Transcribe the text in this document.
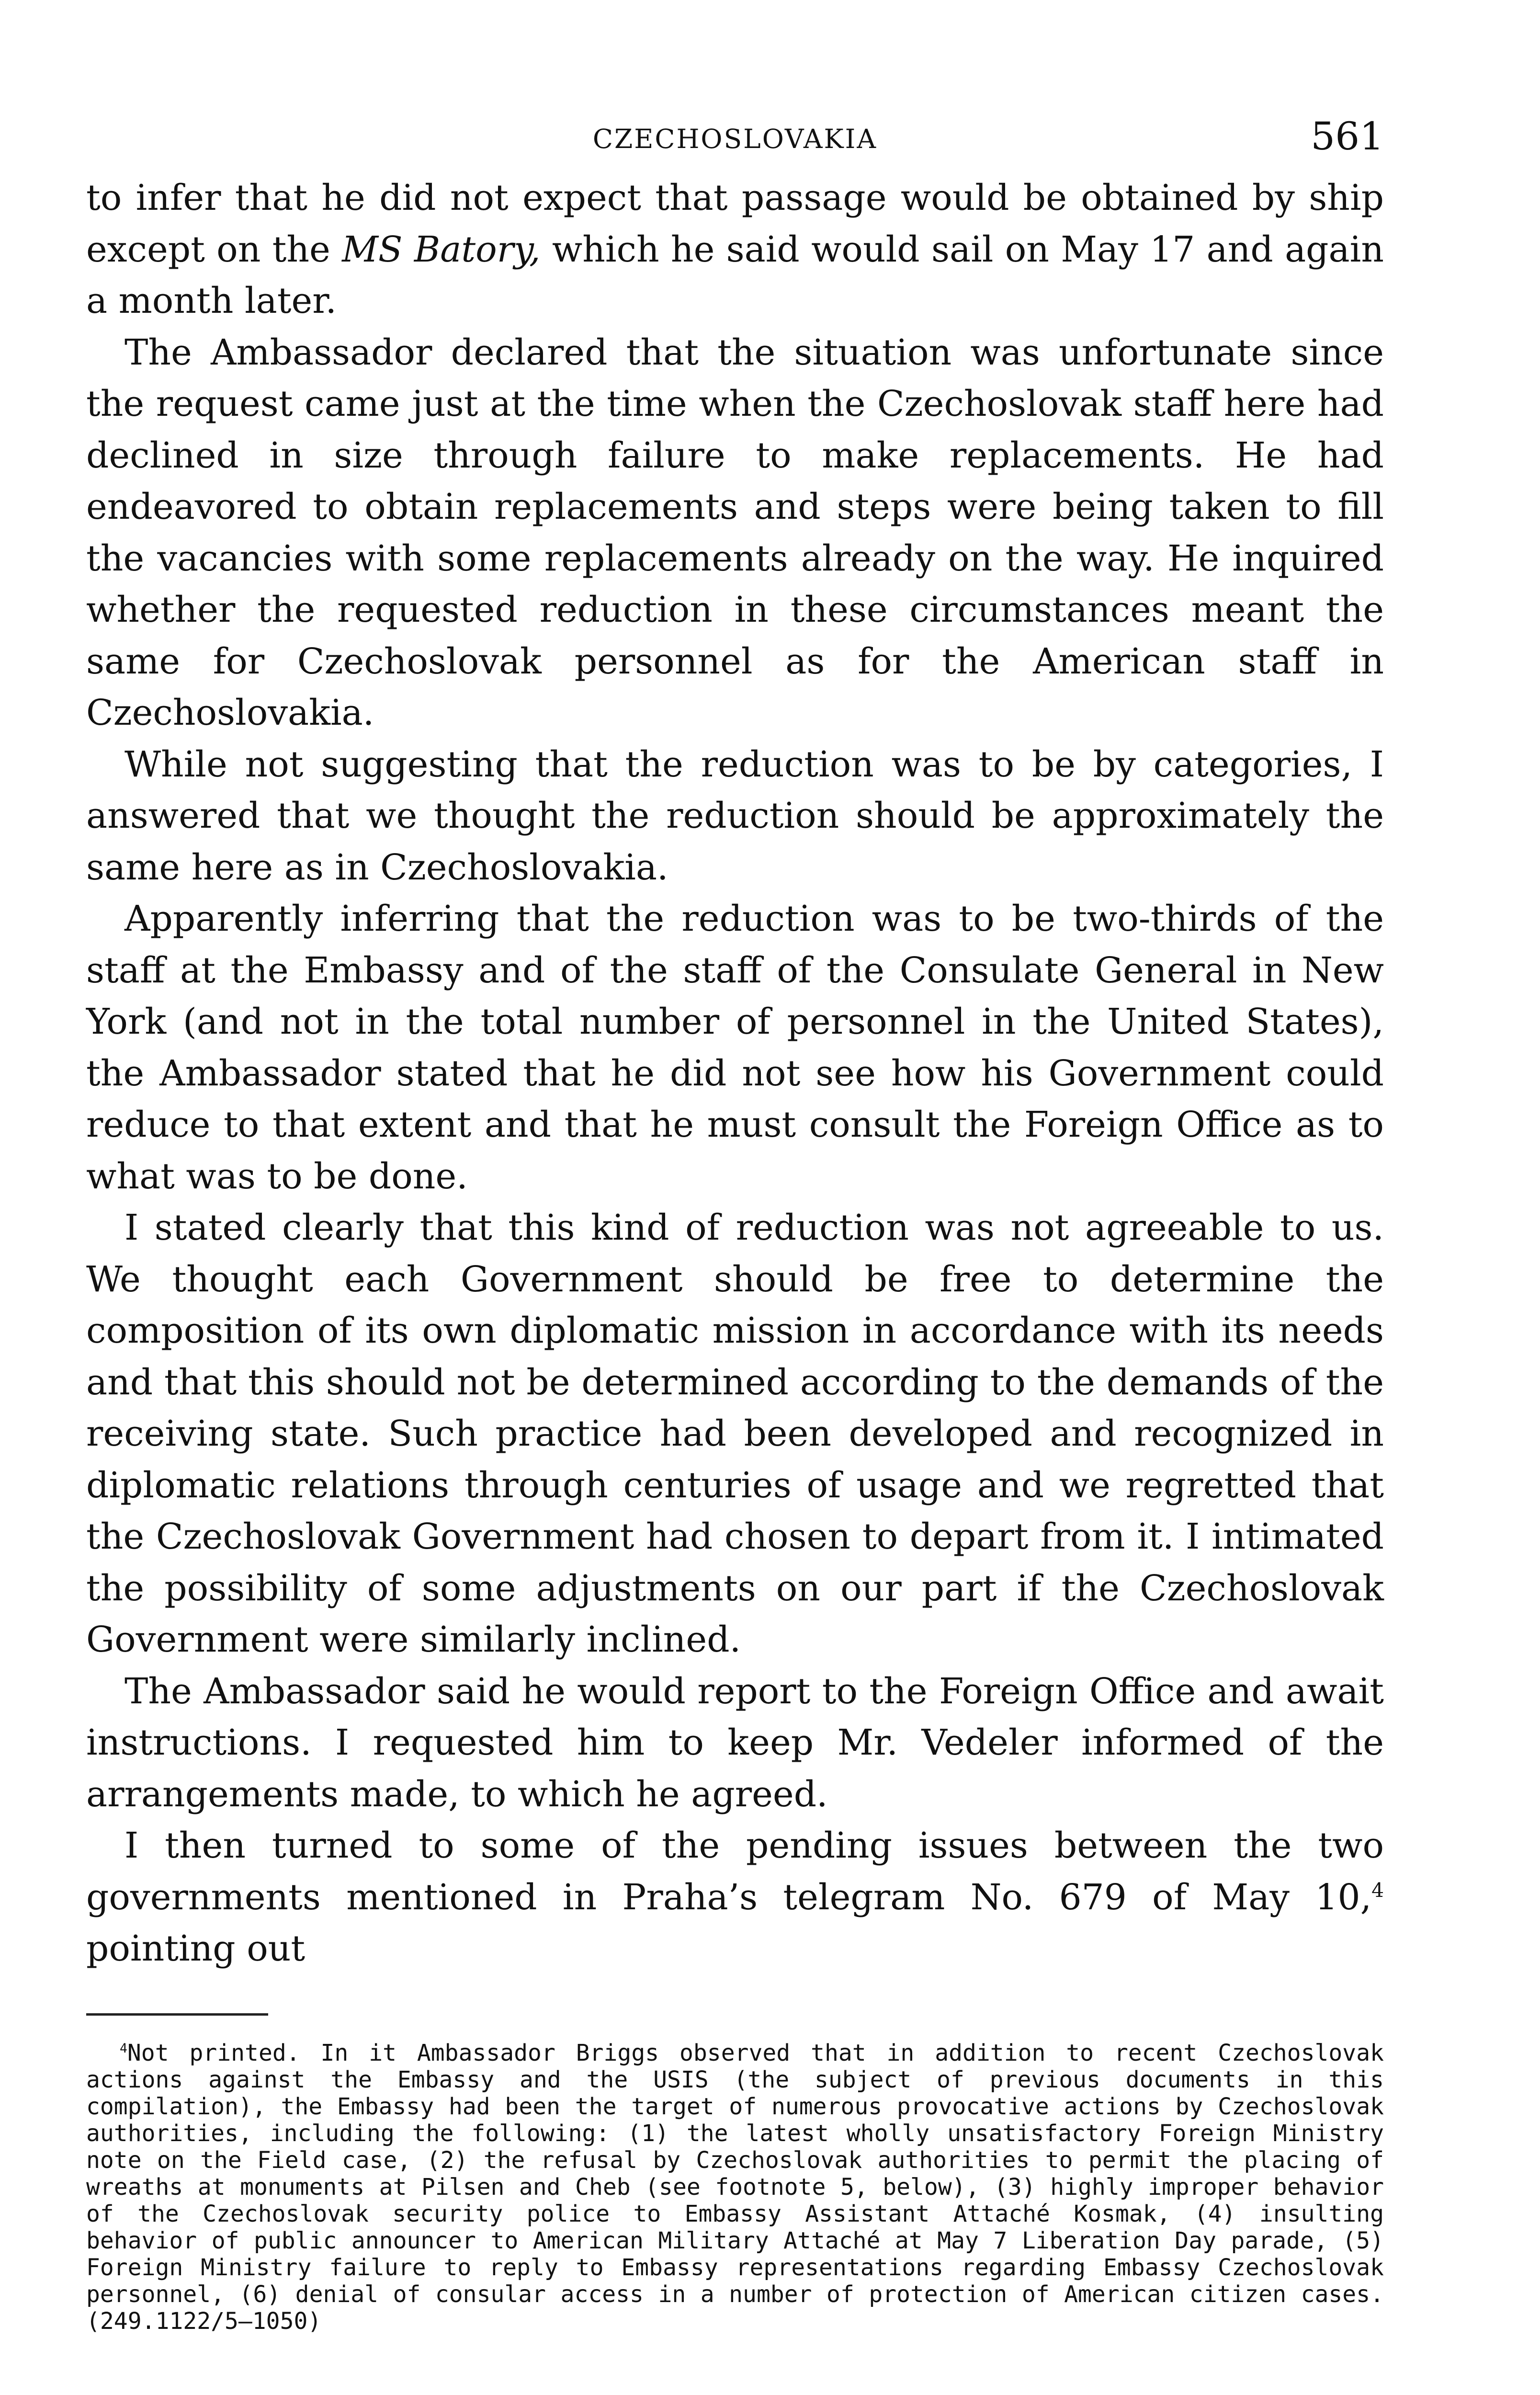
CZECHOSLOVAKIA	561

to infer that he did not expect that passage would be obtained by ship except on the MS Batory, which he said would sail on May 17 and again a month later.

The Ambassador declared that the situation was unfortunate since the request came just at the time when the Czechoslovak staff here had declined in size through failure to make replacements. He had endeavored to obtain replacements and steps were being taken to fill the vacancies with some replacements already on the way. He inquired whether the requested reduction in these circumstances meant the same for Czechoslovak personnel as for the American staff in Czechoslovakia.

While not suggesting that the reduction was to be by categories, I answered that we thought the reduction should be approximately the same here as in Czechoslovakia.

Apparently inferring that the reduction was to be two-thirds of the staff at the Embassy and of the staff of the Consulate General in New York (and not in the total number of personnel in the United States), the Ambassador stated that he did not see how his Government could reduce to that extent and that he must consult the Foreign Office as to what was to be done.

I stated clearly that this kind of reduction was not agreeable to us. We thought each Government should be free to determine the composition of its own diplomatic mission in accordance with its needs and that this should not be determined according to the demands of the receiving state. Such practice had been developed and recognized in diplomatic relations through centuries of usage and we regretted that the Czechoslovak Government had chosen to depart from it. I intimated the possibility of some adjustments on our part if the Czechoslovak Government were similarly inclined.

The Ambassador said he would report to the Foreign Office and await instructions. I requested him to keep Mr. Vedeler informed of the arrangements made, to which he agreed.

I then turned to some of the pending issues between the two governments mentioned in Praha’s telegram No. 679 of May 10,$^4$ pointing out

$^4$Not printed. In it Ambassador Briggs observed that in addition to recent Czechoslovak actions against the Embassy and the USIS (the subject of previous documents in this compilation), the Embassy had been the target of numerous provocative actions by Czechoslovak authorities, including the following: (1) the latest wholly unsatisfactory Foreign Ministry note on the Field case, (2) the refusal by Czechoslovak authorities to permit the placing of wreaths at monuments at Pilsen and Cheb (see footnote 5, below), (3) highly improper behavior of the Czechoslovak security police to Embassy Assistant Attaché Kosmak, (4) insulting behavior of public announcer to American Military Attaché at May 7 Liberation Day parade, (5) Foreign Ministry failure to reply to Embassy representations regarding Embassy Czechoslovak personnel, (6) denial of consular access in a number of protection of American citizen cases. (249.1122/5–1050)
